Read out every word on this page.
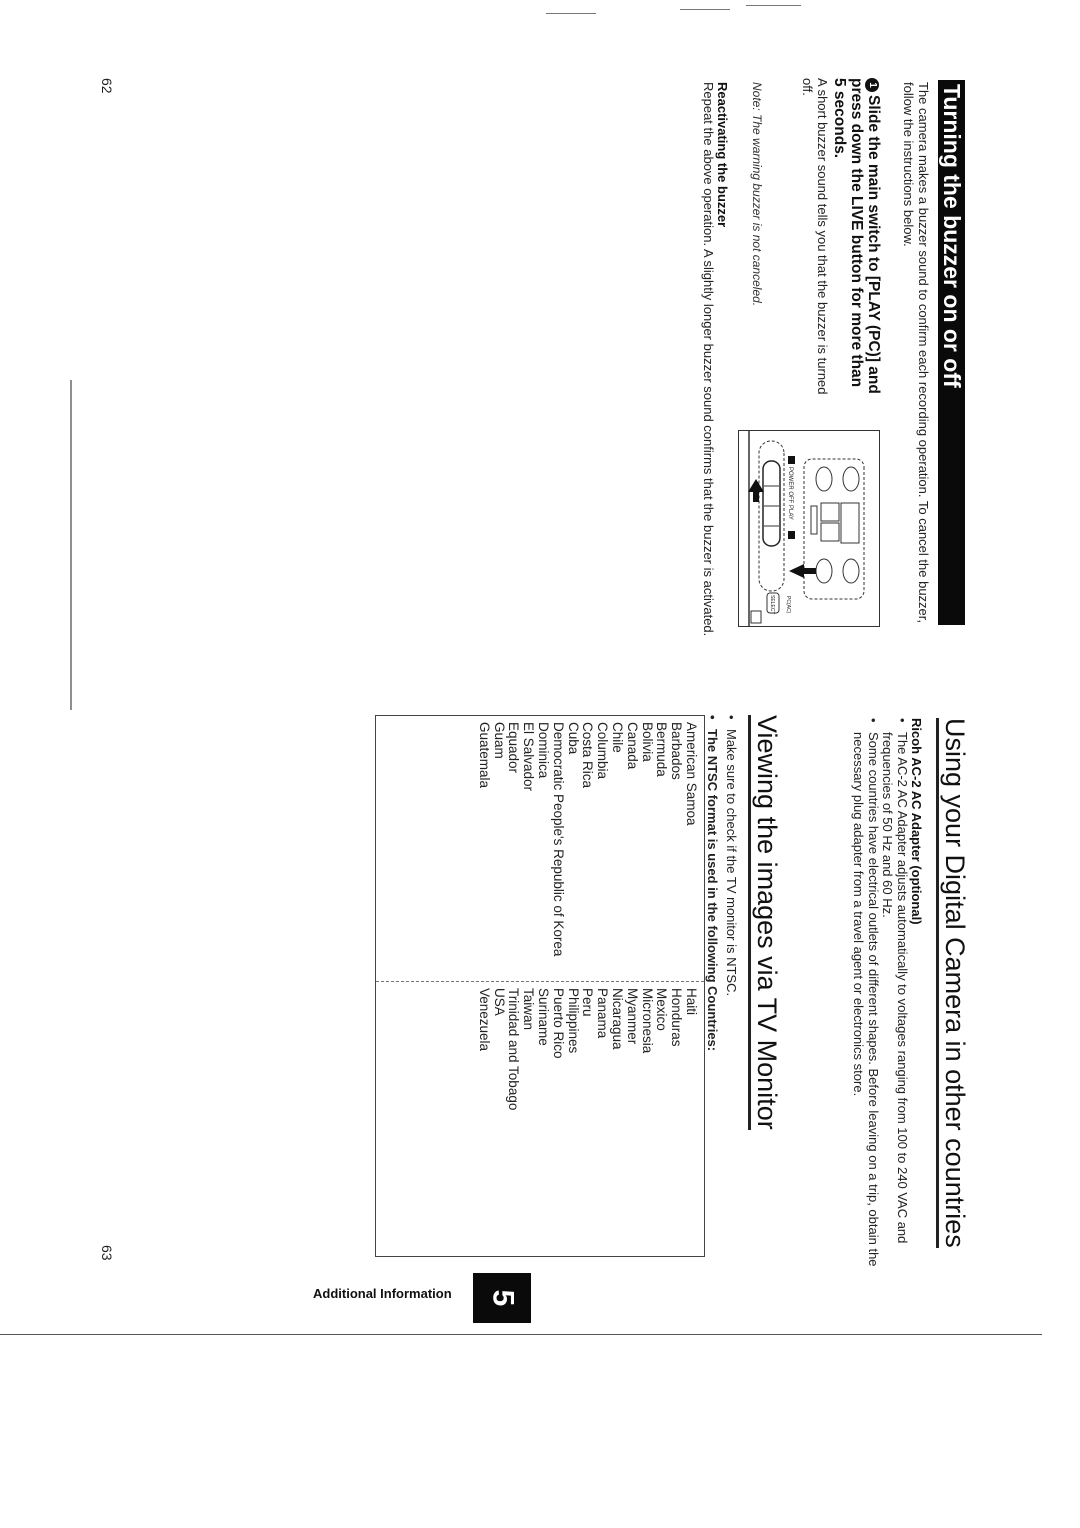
Turning the buzzer on or off
The camera makes a buzzer sound to confirm each recording operation. To cancel the buzzer, follow the instructions below.
1Slide the main switch to [PLAY (PC)] and press down the LIVE button for more than 5 seconds.
A short buzzer sound tells you that the buzzer is turned off.
Note: The warning buzzer is not canceled.
Reactivating the buzzer
Repeat the above operation. A slightly longer buzzer sound confirms that the buzzer is activated.	POWER OFF PLAY
SELECT PC(AC)
62
Using your Digital Camera in other countries
Ricoh AC-2 AC Adapter (optional)
• The AC-2 AC Adapter adjusts automatically to voltages ranging from 100 to 240 VAC and frequencies of 50 Hz and 60 Hz.
• Some countries have electrical outlets of different shapes. Before leaving on a trip, obtain the necessary plug adapter from a travel agent or electronics store.
Viewing the images via TV Monitor
• Make sure to check if the TV monitor is NTSC.
• The NTSC format is used in the following Countries:
American Samoa
Barbados
Bermuda
Bolivia
Canada
Chile
Columbia
Costa Rica
Cuba
Democratic People's Republic of Korea
Dominica
El Salvador
Equador
Guam
Guatemala
Haiti
Honduras
Mexico
Micronesia
Myanmer
Nicaragua
Panama
Peru
Philippines
Puerto Rico
Suriname
Taiwan
Trinidad and Tobago
USA
Venezuela
63
Additional Information	5
